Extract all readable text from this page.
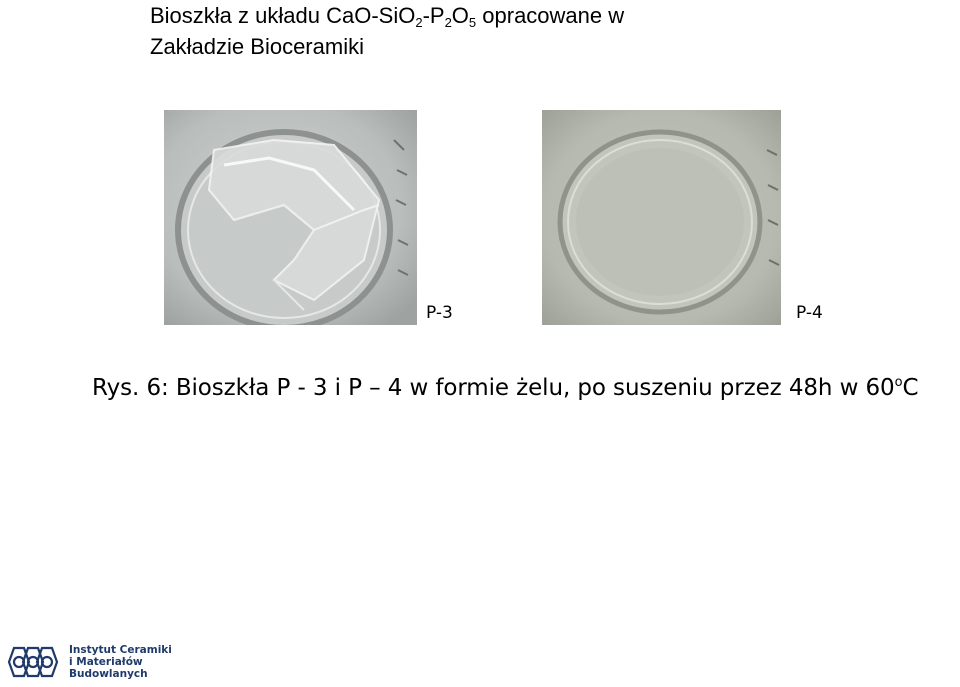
Bioszkła z układu CaO-$SiO_2-P_2O_5$ opracowane w
Zakładzie Bioceramiki
P-3	P-4
Rys. 6: Bioszkła P - 3 i P – 4 w formie żelu, po suszeniu przez 48h w 60$^o$C
Instytut Ceramiki
i Materiałów
Budowlanych
